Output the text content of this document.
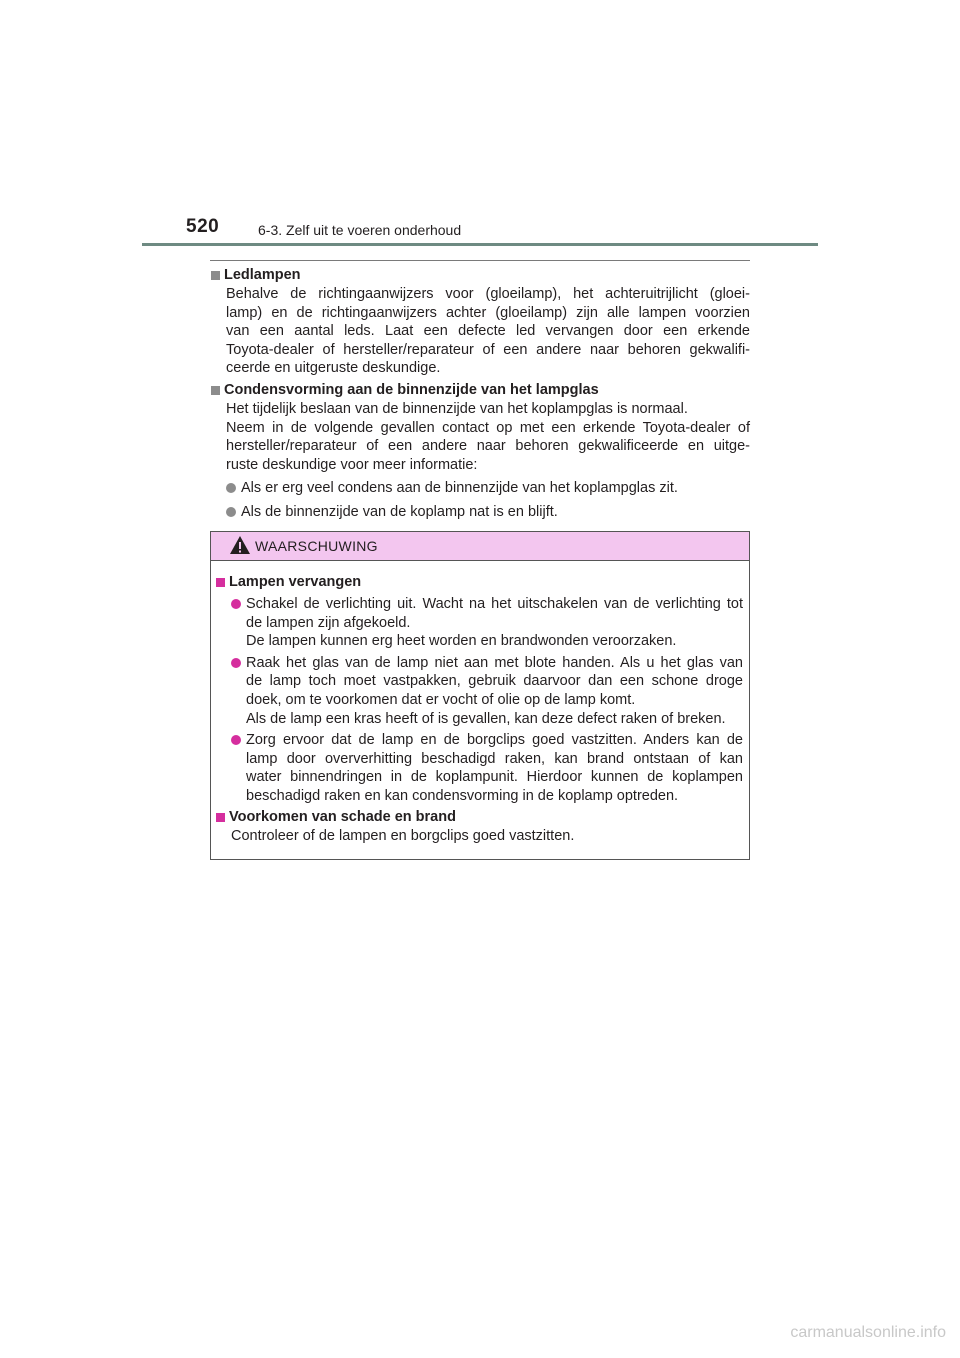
520	6-3. Zelf uit te voeren onderhoud
Ledlampen
Behalve de richtingaanwijzers voor (gloeilamp), het achteruitrijlicht (gloei-
lamp) en de richtingaanwijzers achter (gloeilamp) zijn alle lampen voorzien
van een aantal leds. Laat een defecte led vervangen door een erkende
Toyota-dealer of hersteller/reparateur of een andere naar behoren gekwalifi-
ceerde en uitgeruste deskundige.
Condensvorming aan de binnenzijde van het lampglas
Het tijdelijk beslaan van de binnenzijde van het koplampglas is normaal.
Neem in de volgende gevallen contact op met een erkende Toyota-dealer of
hersteller/reparateur of een andere naar behoren gekwalificeerde en uitge-
ruste deskundige voor meer informatie:
Als er erg veel condens aan de binnenzijde van het koplampglas zit.
Als de binnenzijde van de koplamp nat is en blijft.
WAARSCHUWING
Lampen vervangen
Schakel de verlichting uit. Wacht na het uitschakelen van de verlichting tot
de lampen zijn afgekoeld.
De lampen kunnen erg heet worden en brandwonden veroorzaken.
Raak het glas van de lamp niet aan met blote handen. Als u het glas van
de lamp toch moet vastpakken, gebruik daarvoor dan een schone droge
doek, om te voorkomen dat er vocht of olie op de lamp komt.
Als de lamp een kras heeft of is gevallen, kan deze defect raken of breken.
Zorg ervoor dat de lamp en de borgclips goed vastzitten. Anders kan de
lamp door oververhitting beschadigd raken, kan brand ontstaan of kan
water binnendringen in de koplampunit. Hierdoor kunnen de koplampen
beschadigd raken en kan condensvorming in de koplamp optreden.
Voorkomen van schade en brand
Controleer of de lampen en borgclips goed vastzitten.
carmanualsonline.info
